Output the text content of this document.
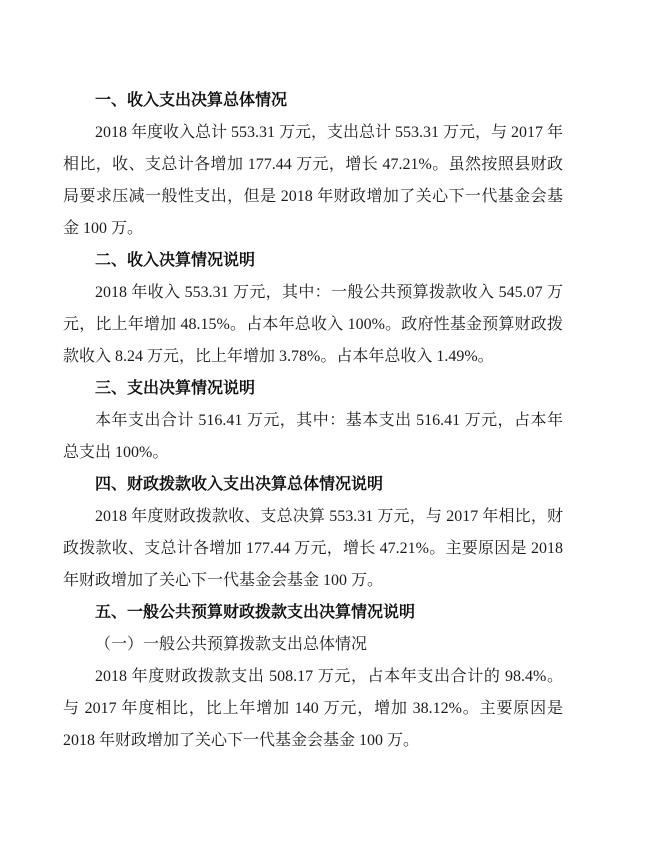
一、收入支出决算总体情况

2018 年度收入总计 553.31 万元，支出总计 553.31 万元，与 2017 年相比，收、支总计各增加 177.44 万元，增长 47.21%。虽然按照县财政局要求压减一般性支出，但是 2018 年财政增加了关心下一代基金会基金 100 万。

二、收入决算情况说明

2018 年收入 553.31 万元，其中：一般公共预算拨款收入 545.07 万元，比上年增加 48.15%。占本年总收入 100%。政府性基金预算财政拨款收入 8.24 万元，比上年增加 3.78%。占本年总收入 1.49%。

三、支出决算情况说明

本年支出合计 516.41 万元，其中：基本支出 516.41 万元，占本年总支出 100%。

四、财政拨款收入支出决算总体情况说明

2018 年度财政拨款收、支总决算 553.31 万元，与 2017 年相比，财政拨款收、支总计各增加 177.44 万元，增长 47.21%。主要原因是 2018 年财政增加了关心下一代基金会基金 100 万。

五、一般公共预算财政拨款支出决算情况说明
（一）一般公共预算拨款支出总体情况

2018 年度财政拨款支出 508.17 万元，占本年支出合计的 98.4%。与 2017 年度相比，比上年增加 140 万元，增加 38.12%。主要原因是 2018 年财政增加了关心下一代基金会基金 100 万。
